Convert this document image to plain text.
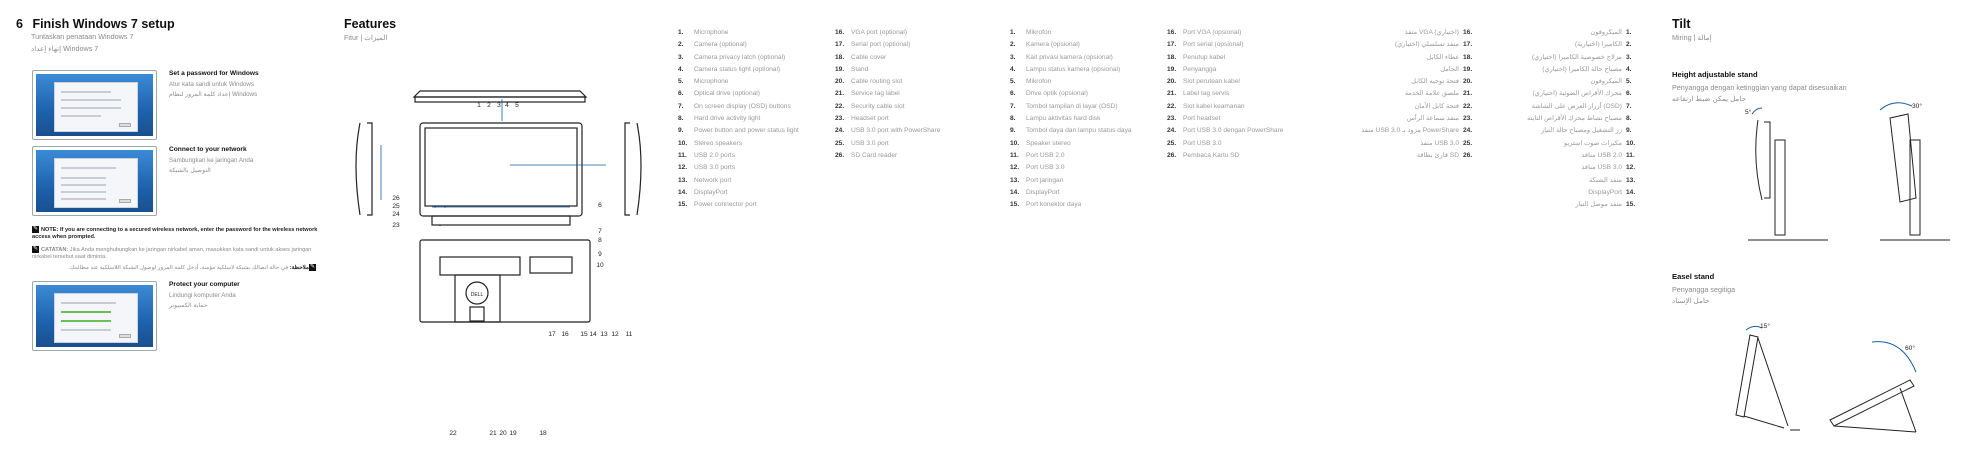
6 Finish Windows 7 setup
Tuntaskan penataan Windows 7
إنهاء إعداد Windows 7
Set a password for Windows
Atur kata sandi untuk Windows
إعداد كلمة المرور لنظام Windows
Connect to your network
Sambungkan ke jaringan Anda
التوصيل بالشبكة
✎ NOTE: If you are connecting to a secured wireless network, enter the password for the wireless network access when prompted.
✎ CATATAN: Jika Anda menghubungkan ke jaringan nirkabel aman, masukkan kata sandi untuk akses jaringan nirkabel tersebut saat diminta.
✎ملاحظة: في حالة اتصالك بشبكة لاسلكية مؤمنة، أدخل كلمة المرور لوصول الشبكة اللاسلكية عند مطالبتك.
Protect your computer
Lindungi komputer Anda
حماية الكمبيوتر
Features
Fitur | الميزات
DELL
1 2 3 4 5
26
25
24
23
6
7
8
9
10
17 16 15 14 13 12 11
22	21 20 19	18
1. Microphone
2. Camera (optional)
3. Camera privacy latch (optional)
4. Camera status light (optional)
5. Microphone
6. Optical drive (optional)
7. On screen display (OSD) buttons
8. Hard drive activity light
9. Power button and power status light
10. Stereo speakers
11. USB 2.0 ports
12. USB 3.0 ports
13. Network port
14. DisplayPort
15. Power connector port
16. VGA port (optional)
17. Serial port (optional)
18. Cable cover
19. Stand
20. Cable routing slot
21. Service tag label
22. Security cable slot
23. Headset port
24. USB 3.0 port with PowerShare
25. USB 3.0 port
26. SD Card reader
1. Mikrofon
2. Kamera (opsional)
3. Kait privasi kamera (opsional)
4. Lampu status kamera (opsional)
5. Mikrofon
6. Drive optik (opsional)
7. Tombol tampilan di layar (OSD)
8. Lampu aktivitas hard disk
9. Tombol daya dan lampu status daya
10. Speaker stereo
11. Port USB 2.0
12. Port USB 3.0
13. Port jaringan
14. DisplayPort
15. Port konektor daya
16. Port VGA (opsional)
17. Port serial (opsional)
18. Penutup kabel
19. Penyangga
20. Slot perutean kabel
21. Label tag servis
22. Slot kabel keamanan
23. Port headset
24. Port USB 3.0 dengan PowerShare
25. Port USB 3.0
26. Pembaca Kartu SD
منفذ VGA (اختياري) 16.
منفذ تسلسلي (اختياري) 17.
غطاء الكابل 18.
الحامل 19.
فتحة توجيه الكابل 20.
ملصق علامة الخدمة 21.
فتحة كابل الأمان 22.
منفذ سماعة الرأس 23.
منفذ USB 3.0 مزود بـ PowerShare 24.
منفذ USB 3.0 25.
قارئ بطاقة SD 26.
الميكروفون 1.
الكاميرا (اختيارية) 2.
مزلاج خصوصية الكاميرا (اختياري) 3.
مصباح حالة الكاميرا (اختياري) 4.
الميكروفون 5.
محرك الأقراص الضوئية (اختياري) 6.
أزرار العرض على الشاشة (OSD) 7.
مصباح نشاط محرك الأقراص الثابتة 8.
زر التشغيل ومصباح حالة التيار 9.
مكبرات صوت استريو 10.
منافذ USB 2.0 11.
منافذ USB 3.0 12.
منفذ الشبكة 13.
DisplayPort 14.
منفذ موصل التيار 15.
Tilt
Miring | إمالة
Height adjustable stand
Penyangga dengan ketinggian yang dapat disesuaikan
حامل يمكن ضبط ارتفاعه
5°
30°
Easel stand
Penyangga segitiga
حامل الإسناد
15°
60°
